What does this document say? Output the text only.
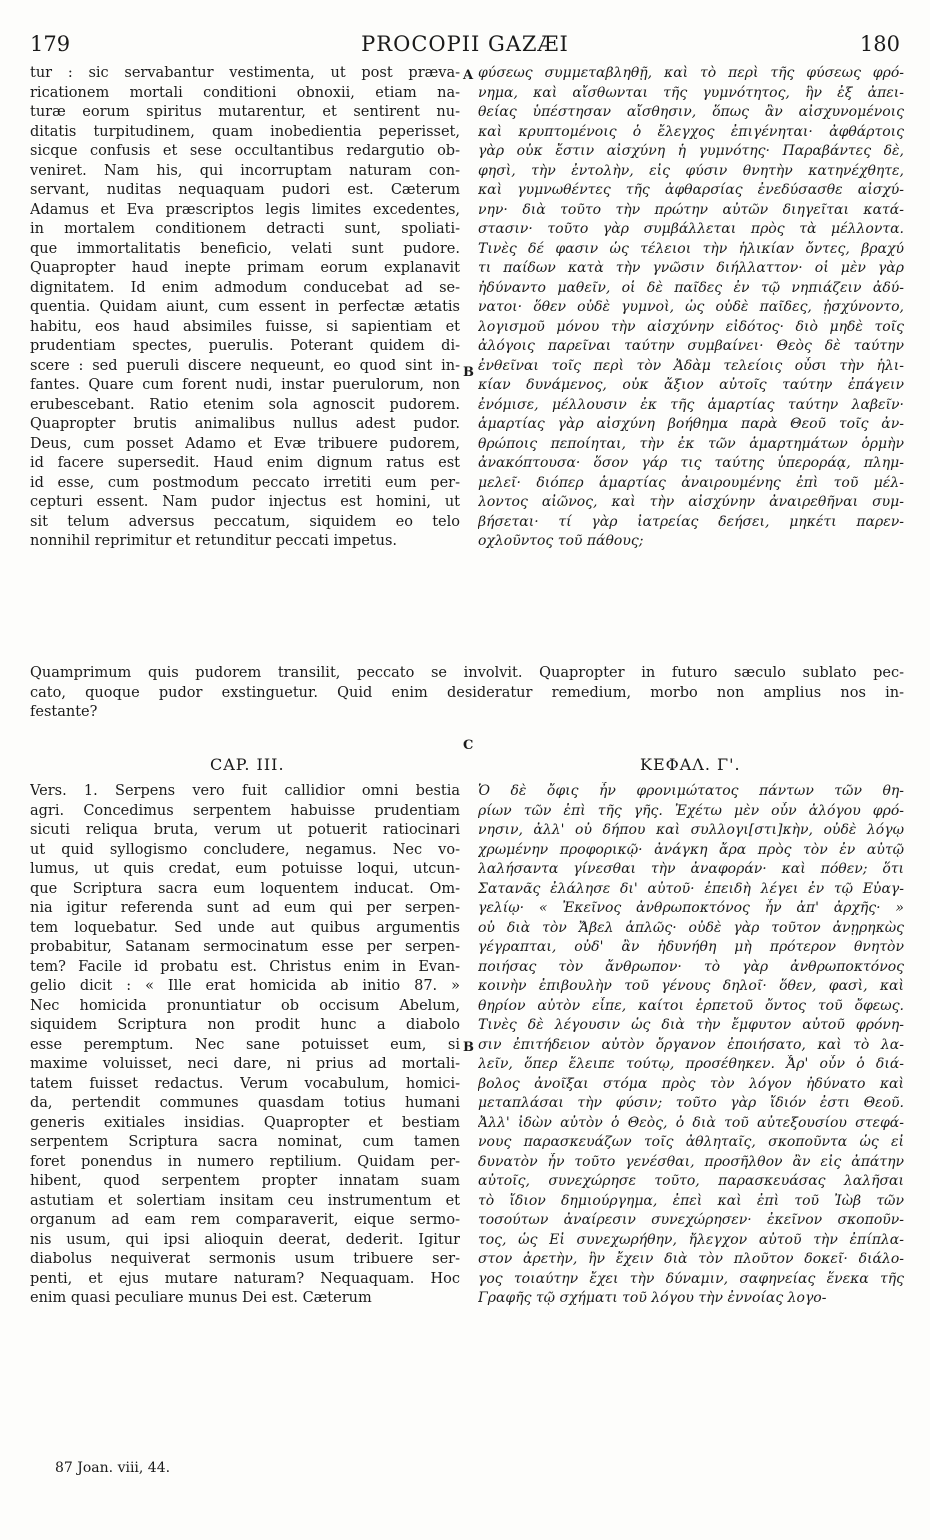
179	PROCOPII GAZÆI	180
tur : sic servabantur vestimenta, ut post præva-
ricationem mortali conditioni obnoxii, etiam na-
turæ eorum spiritus mutarentur, et sentirent nu-
ditatis turpitudinem, quam inobedientia peperisset,
sicque confusis et sese occultantibus redargutio ob-
veniret. Nam his, qui incorruptam naturam con-
servant, nuditas nequaquam pudori est. Cæterum
Adamus et Eva præscriptos legis limites excedentes,
in mortalem conditionem detracti sunt, spoliati-
que immortalitatis beneficio, velati sunt pudore.
Quapropter haud inepte primam eorum explanavit
dignitatem. Id enim admodum conducebat ad se-
quentia. Quidam aiunt, cum essent in perfectæ ætatis
habitu, eos haud absimiles fuisse, si sapientiam et
prudentiam spectes, puerulis. Poterant quidem di-
scere : sed pueruli discere nequeunt, eo quod sint in-
fantes. Quare cum forent nudi, instar puerulorum, non
erubescebant. Ratio etenim sola agnoscit pudorem.
Quapropter brutis animalibus nullus adest pudor.
Deus, cum posset Adamo et Evæ tribuere pudorem,
id facere supersedit. Haud enim dignum ratus est
id esse, cum postmodum peccato irretiti eum per-
cepturi essent. Nam pudor injectus est homini, ut
sit telum adversus peccatum, siquidem eo telo
nonnihil reprimitur et retunditur peccati impetus.
A φύσεως συμμεταβληθῇ, καὶ τὸ περὶ τῆς φύσεως φρό-
νημα, καὶ αἴσθωνται τῆς γυμνότητος, ἣν ἐξ ἀπει-
θείας ὑπέστησαν αἴσθησιν, ὅπως ἂν αἰσχυνομένοις
καὶ κρυπτομένοις ὁ ἔλεγχος ἐπιγένηται· ἀφθάρτοις
γὰρ οὐκ ἔστιν αἰσχύνη ἡ γυμνότης· Παραβάντες δὲ,
φησὶ, τὴν ἐντολὴν, εἰς φύσιν θνητὴν κατηνέχθητε,
καὶ γυμνωθέντες τῆς ἀφθαρσίας ἐνεδύσασθε αἰσχύ-
νην· διὰ τοῦτο τὴν πρώτην αὐτῶν διηγεῖται κατά-
στασιν· τοῦτο γὰρ συμβάλλεται πρὸς τὰ μέλλοντα.
Τινὲς δέ φασιν ὡς τέλειοι τὴν ἡλικίαν ὄντες, βραχύ
τι παίδων κατὰ τὴν γνῶσιν διήλλαττον· οἱ μὲν γὰρ
ἠδύναντο μαθεῖν, οἱ δὲ παῖδες ἐν τῷ νηπιάζειν ἀδύ-
νατοι· ὅθεν οὐδὲ γυμνοὶ, ὡς οὐδὲ παῖδες, ᾐσχύνοντο,
λογισμοῦ μόνου τὴν αἰσχύνην εἰδότος· διὸ μηδὲ τοῖς
ἀλόγοις παρεῖναι ταύτην συμβαίνει· Θεὸς δὲ ταύτην
ἐνθεῖναι τοῖς περὶ τὸν Ἀδὰμ τελείοις οὖσι τὴν ἡλι-
κίαν δυνάμενος, οὐκ ἄξιον αὐτοῖς ταύτην ἐπάγειν
ἐνόμισε, μέλλουσιν ἐκ τῆς ἁμαρτίας ταύτην λαβεῖν·
ἁμαρτίας γὰρ αἰσχύνη βοήθημα παρὰ Θεοῦ τοῖς ἀν-
θρώποις πεποίηται, τὴν ἐκ τῶν ἁμαρτημάτων ὁρμὴν
ἀνακόπτουσα· ὅσον γάρ τις ταύτης ὑπεροράᾳ, πλημ-
μελεῖ· διόπερ ἁμαρτίας ἀναιρουμένης ἐπὶ τοῦ μέλ-
λοντος αἰῶνος, καὶ τὴν αἰσχύνην ἀναιρεθῆναι συμ-
βήσεται· τί γὰρ ἰατρείας δεήσει, μηκέτι παρεν-
οχλοῦντος τοῦ πάθους;
B
Quamprimum quis pudorem transilit, peccato se involvit. Quapropter in futuro sæculo sublato pec-
cato, quoque pudor exstinguetur. Quid enim desideratur remedium, morbo non amplius nos in-
festante?
C
CAP. III.	ΚΕΦΑΛ. Γ'.
Vers. 1. Serpens vero fuit callidior omni bestia
agri. Concedimus serpentem habuisse prudentiam
sicuti reliqua bruta, verum ut potuerit ratiocinari
ut quid syllogismo concludere, negamus. Nec vo-
lumus, ut quis credat, eum potuisse loqui, utcun-
que Scriptura sacra eum loquentem inducat. Om-
nia igitur referenda sunt ad eum qui per serpen-
tem loquebatur. Sed unde aut quibus argumentis
probabitur, Satanam sermocinatum esse per serpen-
tem? Facile id probatu est. Christus enim in Evan-
gelio dicit : « Ille erat homicida ab initio 87. »
Nec homicida pronuntiatur ob occisum Abelum,
siquidem Scriptura non prodit hunc a diabolo
esse peremptum. Nec sane potuisset eum, si
maxime voluisset, neci dare, ni prius ad mortali-
tatem fuisset redactus. Verum vocabulum, homici-
da, pertendit communes quasdam totius humani
generis exitiales insidias. Quapropter et bestiam
serpentem Scriptura sacra nominat, cum tamen
foret ponendus in numero reptilium. Quidam per-
hibent, quod serpentem propter innatam suam
astutiam et solertiam insitam ceu instrumentum et
organum ad eam rem comparaverit, eique sermo-
nis usum, qui ipsi alioquin deerat, dederit. Igitur
diabolus nequiverat sermonis usum tribuere ser-
penti, et ejus mutare naturam? Nequaquam. Hoc
enim quasi peculiare munus Dei est. Cæterum
B
Ὁ δὲ ὄφις ἦν φρονιμώτατος πάντων τῶν θη-
ρίων τῶν ἐπὶ τῆς γῆς. Ἐχέτω μὲν οὖν ἀλόγου φρό-
νησιν, ἀλλ' οὐ δήπου καὶ συλλογι[στι]κὴν, οὐδὲ λόγῳ
χρωμένην προφορικῷ· ἀνάγκη ἄρα πρὸς τὸν ἐν αὐτῷ
λαλήσαντα γίνεσθαι τὴν ἀναφοράν· καὶ πόθεν; ὅτι
Σατανᾶς ἐλάλησε δι' αὐτοῦ· ἐπειδὴ λέγει ἐν τῷ Εὐαγ-
γελίῳ· « Ἐκεῖνος ἀνθρωποκτόνος ἦν ἀπ' ἀρχῆς· »
οὐ διὰ τὸν Ἄβελ ἁπλῶς· οὐδὲ γὰρ τοῦτον ἀνῃρηκὼς
γέγραπται, οὐδ' ἂν ἠδυνήθη μὴ πρότερον θνητὸν
ποιήσας τὸν ἄνθρωπον· τὸ γὰρ ἀνθρωποκτόνος
κοινὴν ἐπιβουλὴν τοῦ γένους δηλοῖ· ὅθεν, φασὶ, καὶ
θηρίον αὐτὸν εἶπε, καίτοι ἑρπετοῦ ὄντος τοῦ ὄφεως.
Τινὲς δὲ λέγουσιν ὡς διὰ τὴν ἔμφυτον αὐτοῦ φρόνη-
σιν ἐπιτήδειον αὐτὸν ὄργανον ἐποιήσατο, καὶ τὸ λα-
λεῖν, ὅπερ ἔλειπε τούτῳ, προσέθηκεν. Ἆρ' οὖν ὁ διά-
βολος ἀνοῖξαι στόμα πρὸς τὸν λόγον ἠδύνατο καὶ
μεταπλάσαι τὴν φύσιν; τοῦτο γὰρ ἴδιόν ἐστι Θεοῦ.
Ἀλλ' ἰδὼν αὐτὸν ὁ Θεὸς, ὁ διὰ τοῦ αὐτεξουσίου στεφά-
νους παρασκευάζων τοῖς ἀθληταῖς, σκοποῦντα ὡς εἰ
δυνατὸν ἦν τοῦτο γενέσθαι, προσῆλθον ἂν εἰς ἀπάτην
αὐτοῖς, συνεχώρησε τοῦτο, παρασκευάσας λαλῆσαι
τὸ ἴδιον δημιούργημα, ἐπεὶ καὶ ἐπὶ τοῦ Ἰὼβ τῶν
τοσούτων ἀναίρεσιν συνεχώρησεν· ἐκεῖνον σκοποῦν-
τος, ὡς Εἰ συνεχωρήθην, ἤλεγχον αὐτοῦ τὴν ἐπίπλα-
στον ἀρετὴν, ἣν ἔχειν διὰ τὸν πλοῦτον δοκεῖ· διάλο-
γος τοιαύτην ἔχει τὴν δύναμιν, σαφηνείας ἕνεκα τῆς
Γραφῆς τῷ σχήματι τοῦ λόγου τὴν ἐννοίας λογο-
87 Joan. viii, 44.
